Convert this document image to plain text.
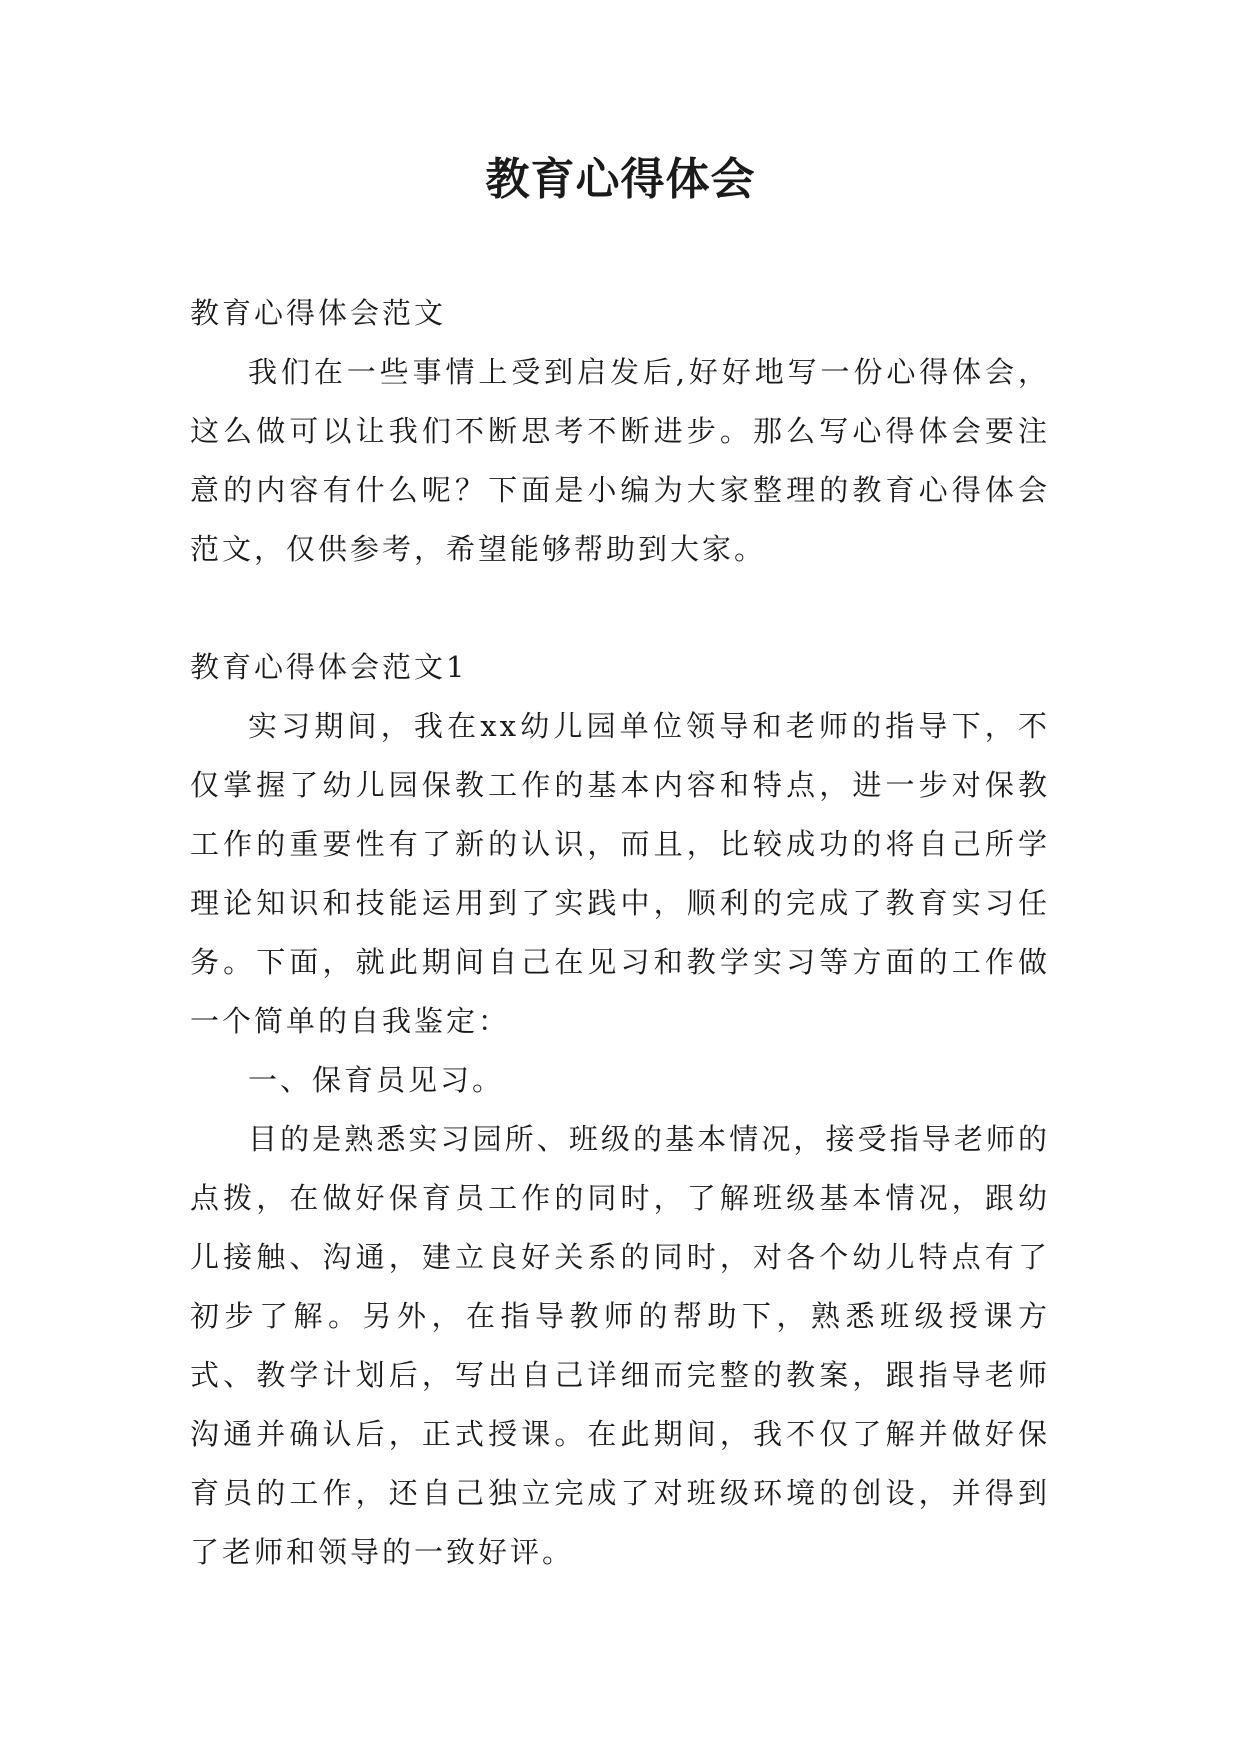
教育心得体会

教育心得体会范文

我们在一些事情上受到启发后,好好地写一份心得体会，这么做可以让我们不断思考不断进步。那么写心得体会要注意的内容有什么呢？下面是小编为大家整理的教育心得体会范文，仅供参考，希望能够帮助到大家。

教育心得体会范文1

实习期间，我在xx幼儿园单位领导和老师的指导下，不仅掌握了幼儿园保教工作的基本内容和特点，进一步对保教工作的重要性有了新的认识，而且，比较成功的将自己所学理论知识和技能运用到了实践中，顺利的完成了教育实习任务。下面，就此期间自己在见习和教学实习等方面的工作做一个简单的自我鉴定：

一、保育员见习。

目的是熟悉实习园所、班级的基本情况，接受指导老师的点拨，在做好保育员工作的同时，了解班级基本情况，跟幼儿接触、沟通，建立良好关系的同时，对各个幼儿特点有了初步了解。另外，在指导教师的帮助下，熟悉班级授课方式、教学计划后，写出自己详细而完整的教案，跟指导老师沟通并确认后，正式授课。在此期间，我不仅了解并做好保育员的工作，还自己独立完成了对班级环境的创设，并得到了老师和领导的一致好评。
